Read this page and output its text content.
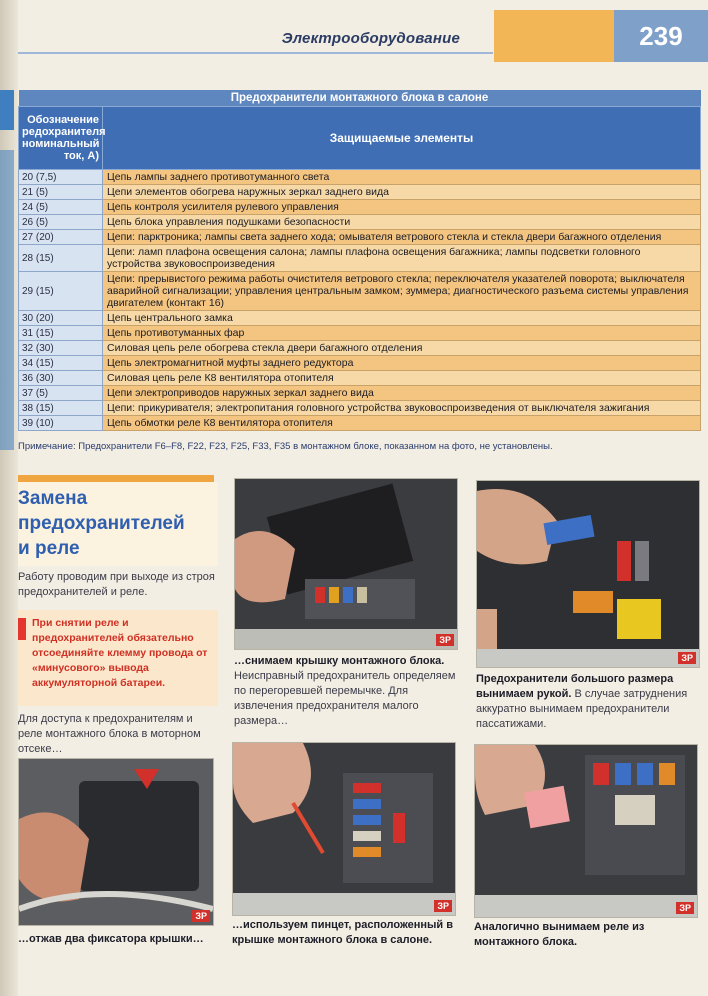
Электрооборудование	239
Предохранители монтажного блока в салоне	
Обозначение
редохранителя
номинальный
ток, А)	Защищаемые элементы
20 (7,5)	Цепь лампы заднего противотуманного света
21 (5)	Цепи элементов обогрева наружных зеркал заднего вида
24 (5)	Цепь контроля усилителя рулевого управления
26 (5)	Цепь блока управления подушками безопасности
27 (20)	Цепи: парктроника; лампы света заднего хода; омывателя ветрового стекла и стекла двери багажного отделения
28 (15)	Цепи: ламп плафона освещения салона; лампы плафона освещения багажника; лампы подсветки головного устройства звуковоспроизведения
29 (15)	Цепи: прерывистого режима работы очистителя ветрового стекла; переключателя указателей поворота; выключателя аварийной сигнализации; управления центральным замком; зуммера; диагностического разъема системы управления двигателем (контакт 16)
30 (20)	Цепь центрального замка
31 (15)	Цепь противотуманных фар
32 (30)	Силовая цепь реле обогрева стекла двери багажного отделения
34 (15)	Цепь электромагнитной муфты заднего редуктора
36 (30)	Силовая цепь реле К8 вентилятора отопителя
37 (5)	Цепи электроприводов наружных зеркал заднего вида
38 (15)	Цепи: прикуривателя; электропитания головного устройства звуковоспроизведения от выключателя зажигания
39 (10)	Цепь обмотки реле К8 вентилятора отопителя
Примечание: Предохранители F6–F8, F22, F23, F25, F33, F35 в монтажном блоке, показанном на фото, не установлены.
Замена
предохранителей
и реле
Работу проводим при выходе из строя предохранителей и реле.
При снятии реле и предохранителей обязательно отсоединяйте клемму провода от «минусового» вывода аккумуляторной батареи.
Для доступа к предохранителям и реле монтажного блока в моторном отсеке…
ЗР
…отжав два фиксатора крышки…
ЗР
…снимаем крышку монтажного блока. Неисправный предохранитель определяем по перегоревшей перемычке. Для извлечения предохранителя малого размера…
ЗР
Предохранители большого размера вынимаем рукой. В случае затруднения аккуратно вынимаем предохранители пассатижами.
ЗР
…используем пинцет, расположенный в крышке монтажного блока в салоне.
ЗР
Аналогично вынимаем реле из монтажного блока.
